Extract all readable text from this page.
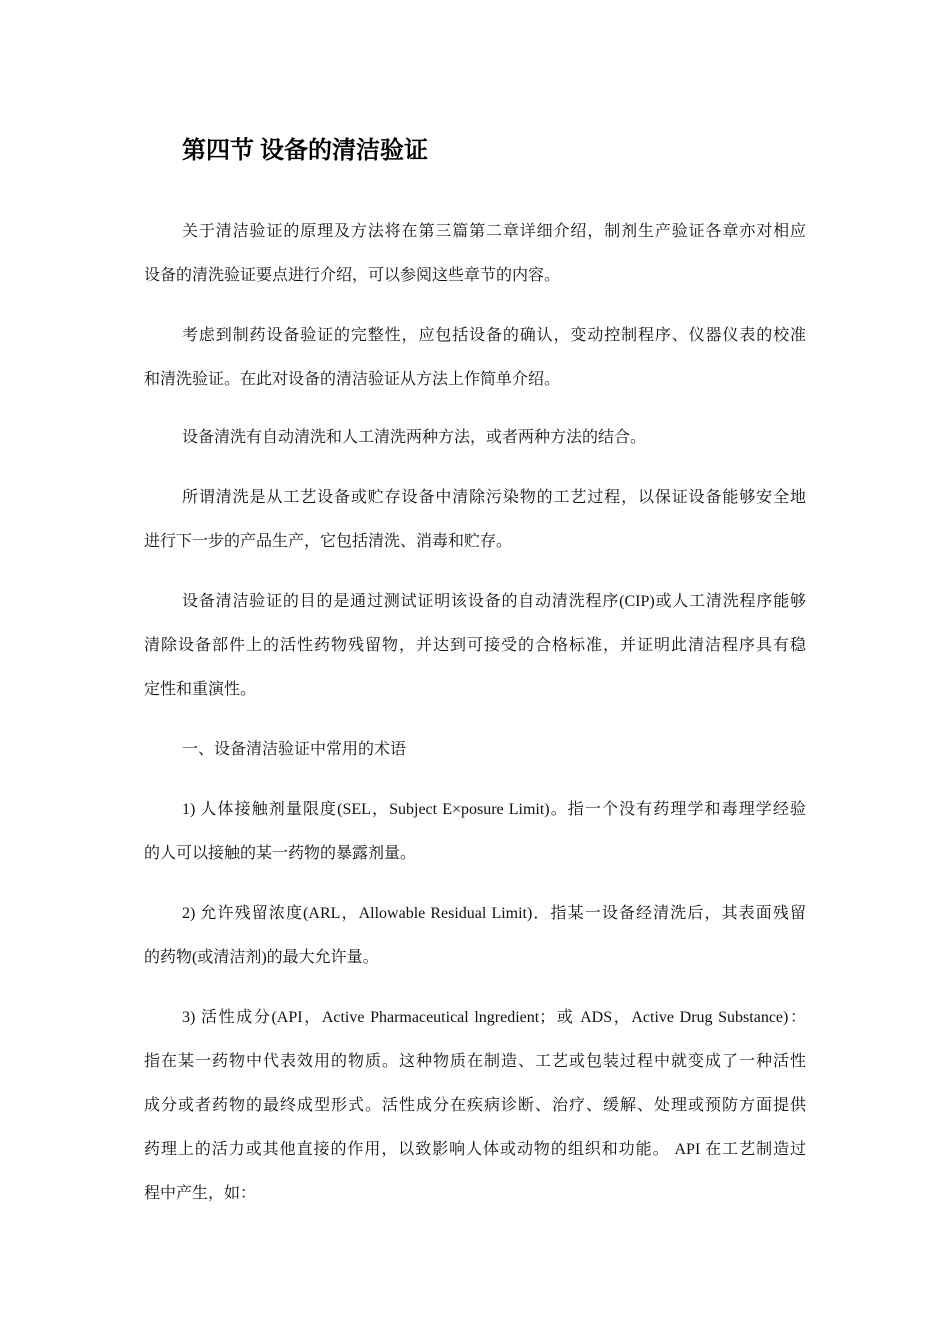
第四节 设备的清洁验证
关于清洁验证的原理及方法将在第三篇第二章详细介绍，制剂生产验证各章亦对相应
设备的清洗验证要点进行介绍，可以参阅这些章节的内容。
考虑到制药设备验证的完整性，应包括设备的确认，变动控制程序、仪器仪表的校准
和清洗验证。在此对设备的清洁验证从方法上作简单介绍。
设备清洗有自动清洗和人工清洗两种方法，或者两种方法的结合。
所谓清洗是从工艺设备或贮存设备中清除污染物的工艺过程，以保证设备能够安全地
进行下一步的产品生产，它包括清洗、消毒和贮存。
设备清洁验证的目的是通过测试证明该设备的自动清洗程序(CIP)或人工清洗程序能够
清除设备部件上的活性药物残留物，并达到可接受的合格标准，并证明此清洁程序具有稳
定性和重演性。
一、设备清洁验证中常用的术语
1) 人体接触剂量限度(SEL，Subject E×posure Limit)。指一个没有药理学和毒理学经验
的人可以接触的某一药物的暴露剂量。
2) 允许残留浓度(ARL，Allowable Residual Limit)．指某一设备经清洗后，其表面残留
的药物(或清洁剂)的最大允许量。
3) 活性成分(API，Active Pharmaceutical lngredient；或 ADS，Active Drug Substance)：
指在某一药物中代表效用的物质。这种物质在制造、工艺或包装过程中就变成了一种活性
成分或者药物的最终成型形式。活性成分在疾病诊断、治疗、缓解、处理或预防方面提供
药理上的活力或其他直接的作用，以致影响人体或动物的组织和功能。 API 在工艺制造过
程中产生，如：
